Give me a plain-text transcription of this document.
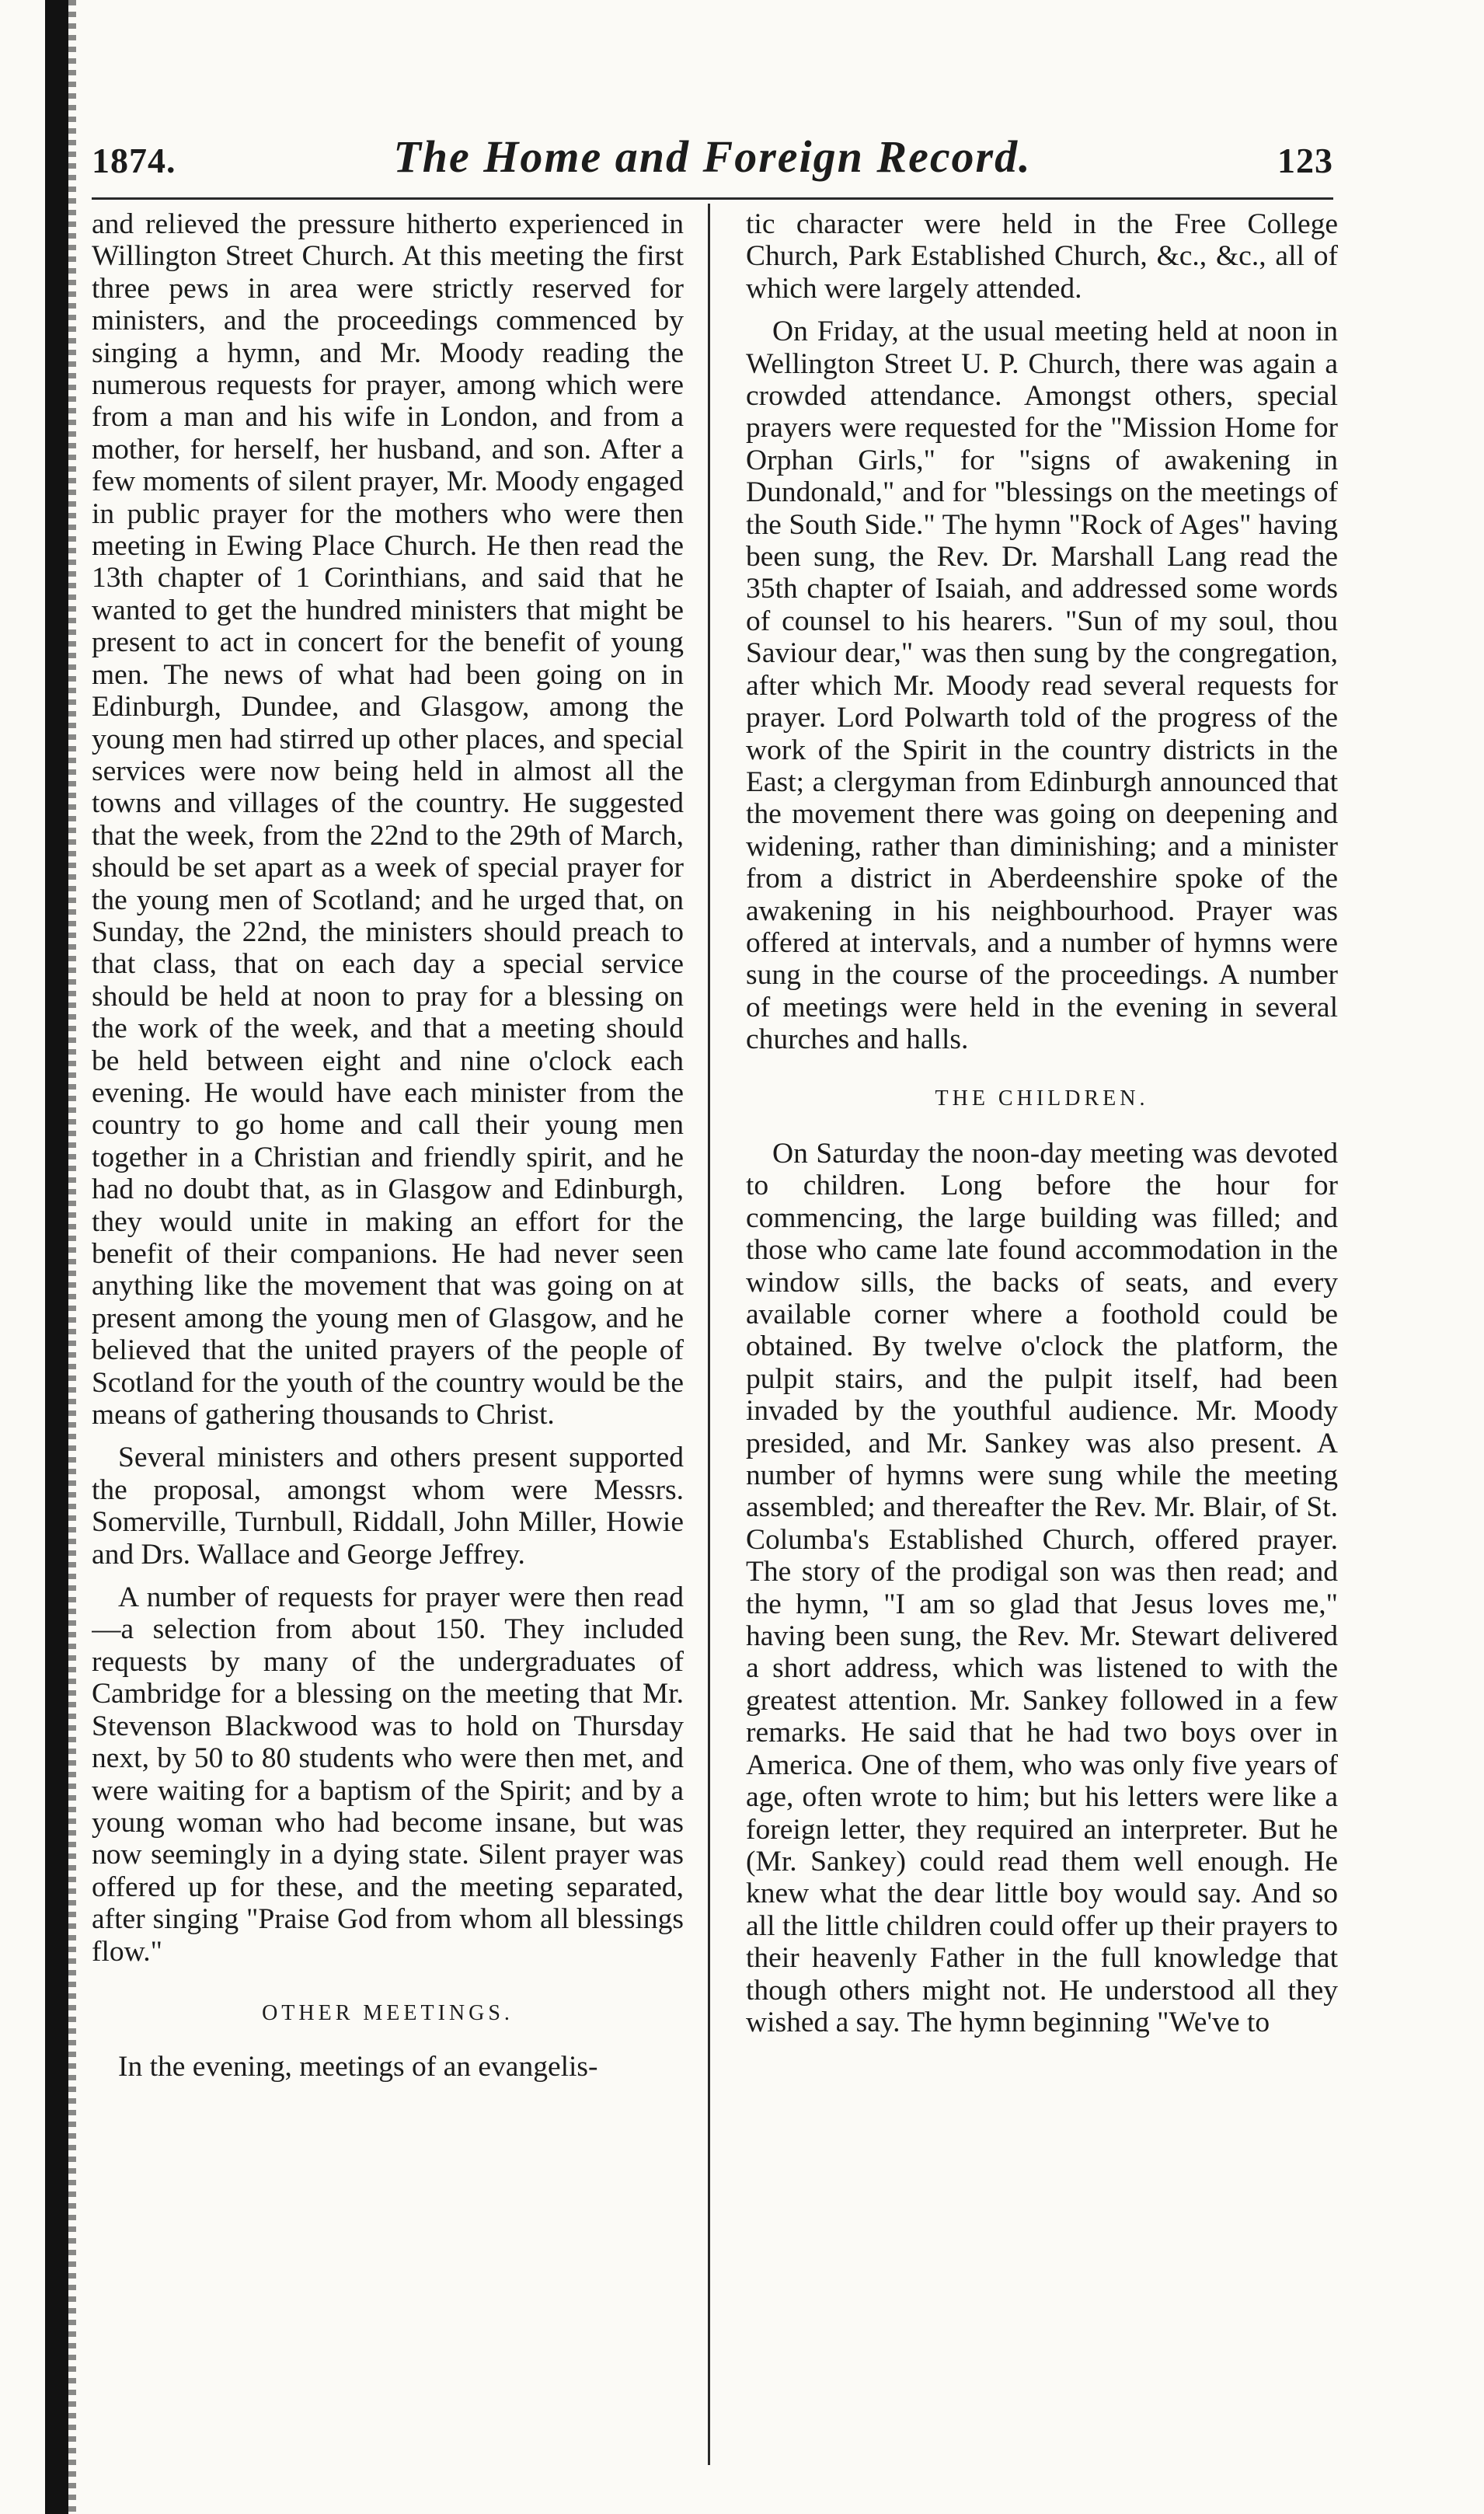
1874.	The Home and Foreign Record.	123

and relieved the pressure hitherto experienced in Willington Street Church. At this meeting the first three pews in area were strictly reserved for ministers, and the proceedings commenced by singing a hymn, and Mr. Moody reading the numerous requests for prayer, among which were from a man and his wife in London, and from a mother, for herself, her husband, and son. After a few moments of silent prayer, Mr. Moody engaged in public prayer for the mothers who were then meeting in Ewing Place Church. He then read the 13th chapter of 1 Corinthians, and said that he wanted to get the hundred ministers that might be present to act in concert for the benefit of young men. The news of what had been going on in Edinburgh, Dundee, and Glasgow, among the young men had stirred up other places, and special services were now being held in almost all the towns and villages of the country. He suggested that the week, from the 22nd to the 29th of March, should be set apart as a week of special prayer for the young men of Scotland; and he urged that, on Sunday, the 22nd, the ministers should preach to that class, that on each day a special service should be held at noon to pray for a blessing on the work of the week, and that a meeting should be held between eight and nine o'clock each evening. He would have each minister from the country to go home and call their young men together in a Christian and friendly spirit, and he had no doubt that, as in Glasgow and Edinburgh, they would unite in making an effort for the benefit of their companions. He had never seen anything like the movement that was going on at present among the young men of Glasgow, and he believed that the united prayers of the people of Scotland for the youth of the country would be the means of gathering thousands to Christ.

Several ministers and others present supported the proposal, amongst whom were Messrs. Somerville, Turnbull, Riddall, John Miller, Howie and Drs. Wallace and George Jeffrey.

A number of requests for prayer were then read—a selection from about 150. They included requests by many of the undergraduates of Cambridge for a blessing on the meeting that Mr. Stevenson Blackwood was to hold on Thursday next, by 50 to 80 students who were then met, and were waiting for a baptism of the Spirit; and by a young woman who had become insane, but was now seemingly in a dying state. Silent prayer was offered up for these, and the meeting separated, after singing "Praise God from whom all blessings flow."

OTHER MEETINGS.

In the evening, meetings of an evangelis-

tic character were held in the Free College Church, Park Established Church, &c., &c., all of which were largely attended.

On Friday, at the usual meeting held at noon in Wellington Street U. P. Church, there was again a crowded attendance. Amongst others, special prayers were requested for the "Mission Home for Orphan Girls," for "signs of awakening in Dundonald," and for "blessings on the meetings of the South Side." The hymn "Rock of Ages" having been sung, the Rev. Dr. Marshall Lang read the 35th chapter of Isaiah, and addressed some words of counsel to his hearers. "Sun of my soul, thou Saviour dear," was then sung by the congregation, after which Mr. Moody read several requests for prayer. Lord Polwarth told of the progress of the work of the Spirit in the country districts in the East; a clergyman from Edinburgh announced that the movement there was going on deepening and widening, rather than diminishing; and a minister from a district in Aberdeenshire spoke of the awakening in his neighbourhood. Prayer was offered at intervals, and a number of hymns were sung in the course of the proceedings. A number of meetings were held in the evening in several churches and halls.

THE CHILDREN.

On Saturday the noon-day meeting was devoted to children. Long before the hour for commencing, the large building was filled; and those who came late found accommodation in the window sills, the backs of seats, and every available corner where a foothold could be obtained. By twelve o'clock the platform, the pulpit stairs, and the pulpit itself, had been invaded by the youthful audience. Mr. Moody presided, and Mr. Sankey was also present. A number of hymns were sung while the meeting assembled; and thereafter the Rev. Mr. Blair, of St. Columba's Established Church, offered prayer. The story of the prodigal son was then read; and the hymn, "I am so glad that Jesus loves me," having been sung, the Rev. Mr. Stewart delivered a short address, which was listened to with the greatest attention. Mr. Sankey followed in a few remarks. He said that he had two boys over in America. One of them, who was only five years of age, often wrote to him; but his letters were like a foreign letter, they required an interpreter. But he (Mr. Sankey) could read them well enough. He knew what the dear little boy would say. And so all the little children could offer up their prayers to their heavenly Father in the full knowledge that though others might not. He understood all they wished a say. The hymn beginning "We've to
